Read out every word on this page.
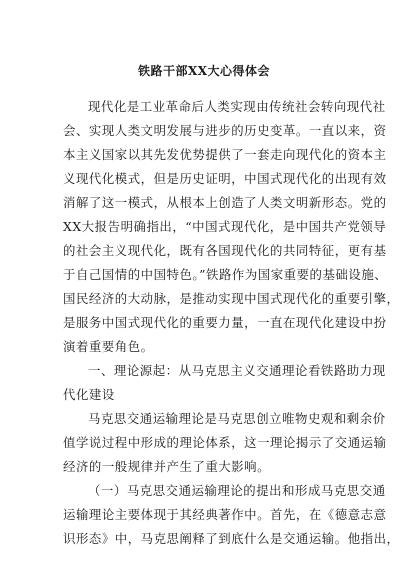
铁路干部XX大心得体会
现代化是工业革命后人类实现由传统社会转向现代社
会、实现人类文明发展与进步的历史变革。一直以来，资
本主义国家以其先发优势提供了一套走向现代化的资本主
义现代化模式，但是历史证明，中国式现代化的出现有效
消解了这一模式，从根本上创造了人类文明新形态。党的
XX大报告明确指出，“中国式现代化，是中国共产党领导
的社会主义现代化，既有各国现代化的共同特征，更有基
于自己国情的中国特色。”铁路作为国家重要的基础设施、
国民经济的大动脉，是推动实现中国式现代化的重要引擎，
是服务中国式现代化的重要力量，一直在现代化建设中扮
演着重要角色。
一、理论源起：从马克思主义交通理论看铁路助力现
代化建设
马克思交通运输理论是马克思创立唯物史观和剩余价
值学说过程中形成的理论体系，这一理论揭示了交通运输
经济的一般规律并产生了重大影响。
（一）马克思交通运输理论的提出和形成马克思交通
运输理论主要体现于其经典著作中。首先，在《德意志意
识形态》中，马克思阐释了到底什么是交通运输。他指出，
